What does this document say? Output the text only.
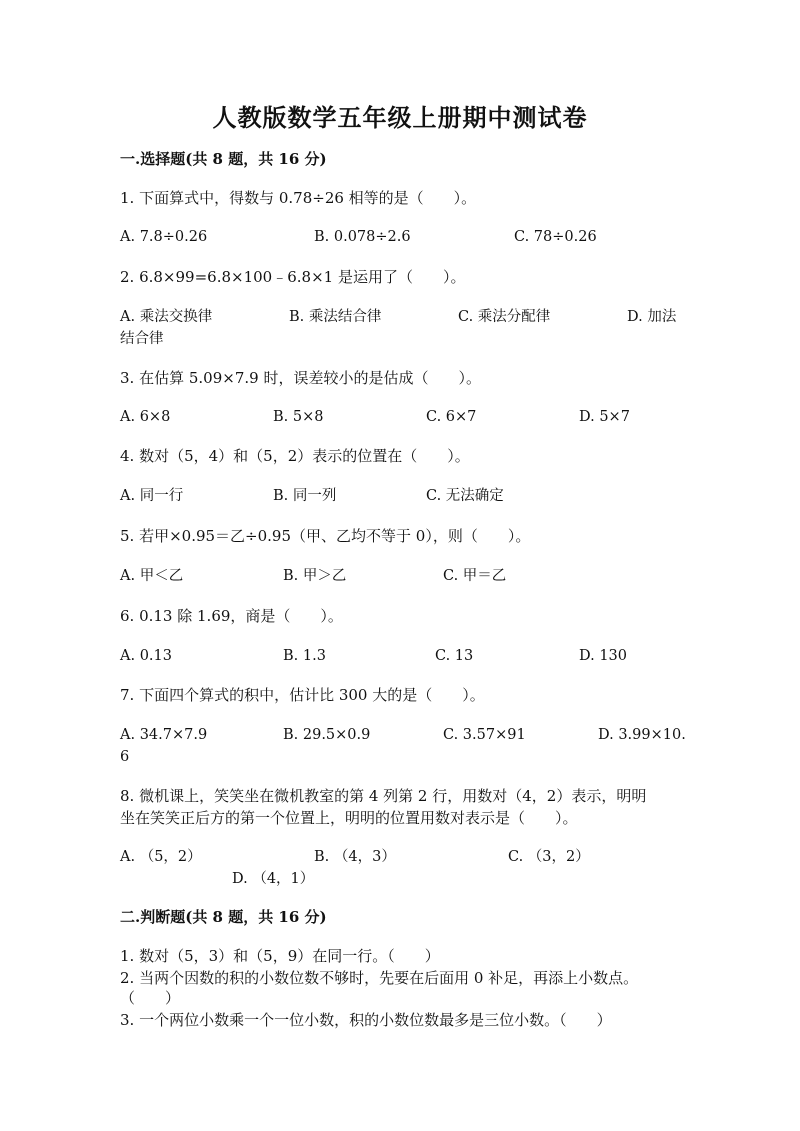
人教版数学五年级上册期中测试卷
一.选择题(共 8 题，共 16 分)
1. 下面算式中，得数与 0.78÷26 相等的是（　　）。
A. 7.8÷0.26	B. 0.078÷2.6	C. 78÷0.26
2. 6.8×99=6.8×100﹣6.8×1 是运用了（　　）。
A. 乘法交换律	B. 乘法结合律	C. 乘法分配律	D. 加法
结合律
3. 在估算 5.09×7.9 时，误差较小的是估成（　　）。
A. 6×8	B. 5×8	C. 6×7	D. 5×7
4. 数对（5，4）和（5，2）表示的位置在（　　）。
A. 同一行	B. 同一列	C. 无法确定
5. 若甲×0.95＝乙÷0.95（甲、乙均不等于 0），则（　　）。
A. 甲＜乙	B. 甲＞乙	C. 甲＝乙
6. 0.13 除 1.69，商是（　　）。
A. 0.13	B. 1.3	C. 13	D. 130
7. 下面四个算式的积中，估计比 300 大的是（　　）。
A. 34.7×7.9	B. 29.5×0.9	C. 3.57×91	D. 3.99×10.
6
8. 微机课上，笑笑坐在微机教室的第 4 列第 2 行，用数对（4，2）表示，明明
坐在笑笑正后方的第一个位置上，明明的位置用数对表示是（　　）。
A. （5，2）	B. （4，3）	C. （3，2）
D. （4，1）
二.判断题(共 8 题，共 16 分)
1. 数对（5，3）和（5，9）在同一行。（　　）
2. 当两个因数的积的小数位数不够时，先要在后面用 0 补足，再添上小数点。
（　　）
3. 一个两位小数乘一个一位小数，积的小数位数最多是三位小数。（　　）
